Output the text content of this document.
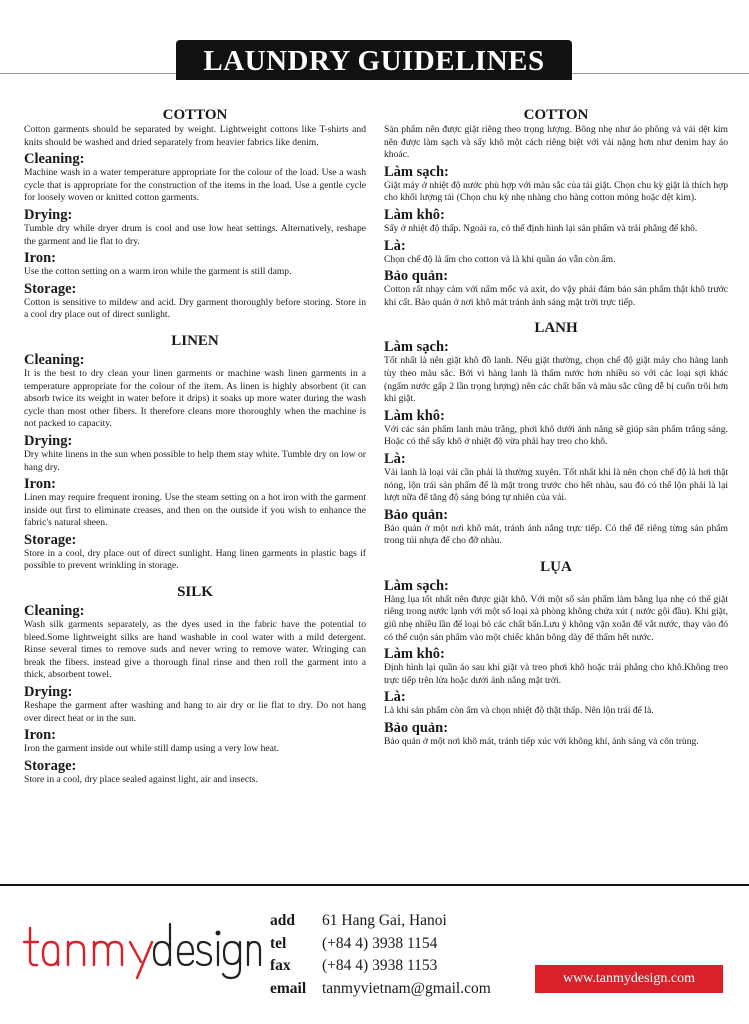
LAUNDRY GUIDELINES
COTTON

Cotton garments should be separated by weight. Lightweight cottons like T-shirts and knits should be washed and dried separately from heavier fabrics like denim.

Cleaning:

Machine wash in a water temperature appropriate for the colour of the load. Use a wash cycle that is appropriate for the construction of the items in the load. Use a gentle cycle for loosely woven or knitted cotton garments.

Drying:

Tumble dry while dryer drum is cool and use low heat settings. Alternatively, reshape the garment and lie flat to dry.

Iron:

Use the cotton setting on a warm iron while the garment is still damp.

Storage:

Cotton is sensitive to mildew and acid. Dry garment thoroughly before storing. Store in a cool dry place out of direct sunlight.

LINEN
Cleaning:

It is the best to dry clean your linen garments or machine wash linen garments in a temperature appropriate for the colour of the item. As linen is highly absorbent (it can absorb twice its weight in water before it drips) it soaks up more water during the wash cycle than most other fibers. It therefore cleans more thoroughly when the machine is not packed to capacity.

Drying:

Dry white linens in the sun when possible to help them stay white. Tumble dry on low or hang dry.

Iron:

Linen may require frequent ironing. Use the steam setting on a hot iron with the garment inside out first to eliminate creases, and then on the outside if you wish to enhance the fabric's natural sheen.

Storage:

Store in a cool, dry place out of direct sunlight. Hang linen garments in plastic bags if possible to prevent wrinkling in storage.

SILK
Cleaning:

Wash silk garments separately, as the dyes used in the fabric have the potential to bleed.Some lightweight silks are hand washable in cool water with a mild detergent. Rinse several times to remove suds and never wring to remove water. Wringing can break the fibers. instead give a thorough final rinse and then roll the garment into a thick, absorbent towel.

Drying:

Reshape the garment after washing and hang to air dry or lie flat to dry. Do not hang over direct heat or in the sun.

Iron:

Iron the garment inside out while still damp using a very low heat.

Storage:

Store in a cool, dry place sealed against light, air and insects.

COTTON

Sản phẩm nên được giặt riêng theo trọng lượng. Bông nhẹ như áo phông và vải dệt kim nên được làm sạch và sấy khô một cách riêng biệt với vải nặng hơn như denim hay áo khoác.

Làm sạch:

Giặt máy ở nhiệt độ nước phù hợp với màu sắc của tải giặt. Chọn chu kỳ giặt là thích hợp cho khối lượng tải (Chọn chu kỳ nhẹ nhàng cho hàng cotton mỏng hoặc dệt kim).

Làm khô:

Sấy ở nhiệt độ thấp. Ngoài ra, có thể định hình lại sản phẩm và trải phẳng để khô.

Là:

Chọn chế độ là ấm cho cotton và là khi quần áo vẫn còn ẩm.

Bảo quản:

Cotton rất nhạy cảm với nấm mốc và axit, do vậy phải đảm bảo sản phẩm thật khô trước khi cất. Bảo quản ở nơi khô mát tránh ánh sáng mặt trời trực tiếp.

LANH
Làm sạch:

Tốt nhất là nên giặt khô đồ lanh. Nếu giặt thường, chọn chế độ giặt máy cho hàng lanh tùy theo màu sắc. Bởi vì hàng lanh là thấm nước hơn nhiều so với các loại sợi khác (ngấm nước gấp 2 lần trọng lượng) nên các chất bẩn và màu sắc cũng dễ bị cuốn trôi hơn khi giặt.

Làm khô:

Với các sản phẩm lanh màu trắng, phơi khô dưới ánh nắng sẽ giúp sản phẩm trắng sáng. Hoặc có thể sấy khô ở nhiệt độ vừa phải hay treo cho khô.

Là:

Vải lanh là loại vải cần phải là thường xuyên. Tốt nhất khi là nên chọn chế độ là hơi thật nóng, lộn trái sản phẩm để là mặt trong trước cho hết nhàu, sau đó có thể lộn phải là lại lượt nữa để tăng độ sáng bóng tự nhiên của vải.

Bảo quản:

Bảo quản ở một nơi khô mát, tránh ánh nắng trực tiếp. Có thể để riêng từng sản phẩm trong túi nhựa để cho đỡ nhàu.

LỤA
Làm sạch:

Hàng lụa tốt nhất nên được giặt khô. Với một số sản phẩm làm bằng lụa nhẹ có thể giặt riêng trong nước lạnh với một số loại xà phòng không chứa xút ( nước gội đầu). Khi giặt, giũ nhẹ nhiều lần để loại bỏ các chất bẩn.Lưu ý không vặn xoắn để vắt nước, thay vào đó có thể cuộn sản phẩm vào một chiếc khăn bông dày để thấm hết nước.

Làm khô:

Định hình lại quần áo sau khi giặt và treo phơi khô hoặc trải phẳng cho khô.Không treo trực tiếp trên lửa hoặc dưới ánh nắng mặt trời.

Là:

Là khi sản phẩm còn ẩm và chọn nhiệt độ thật thấp. Nên lộn trái để là.

Bảo quản:

Bảo quản ở một nơi khô mát, tránh tiếp xúc với không khí, ánh sáng và côn trùng.

add	61 Hang Gai, Hanoi
tel	(+84 4) 3938 1154
fax	(+84 4) 3938 1153
email	tanmyvietnam@gmail.com
www.tanmydesign.com
